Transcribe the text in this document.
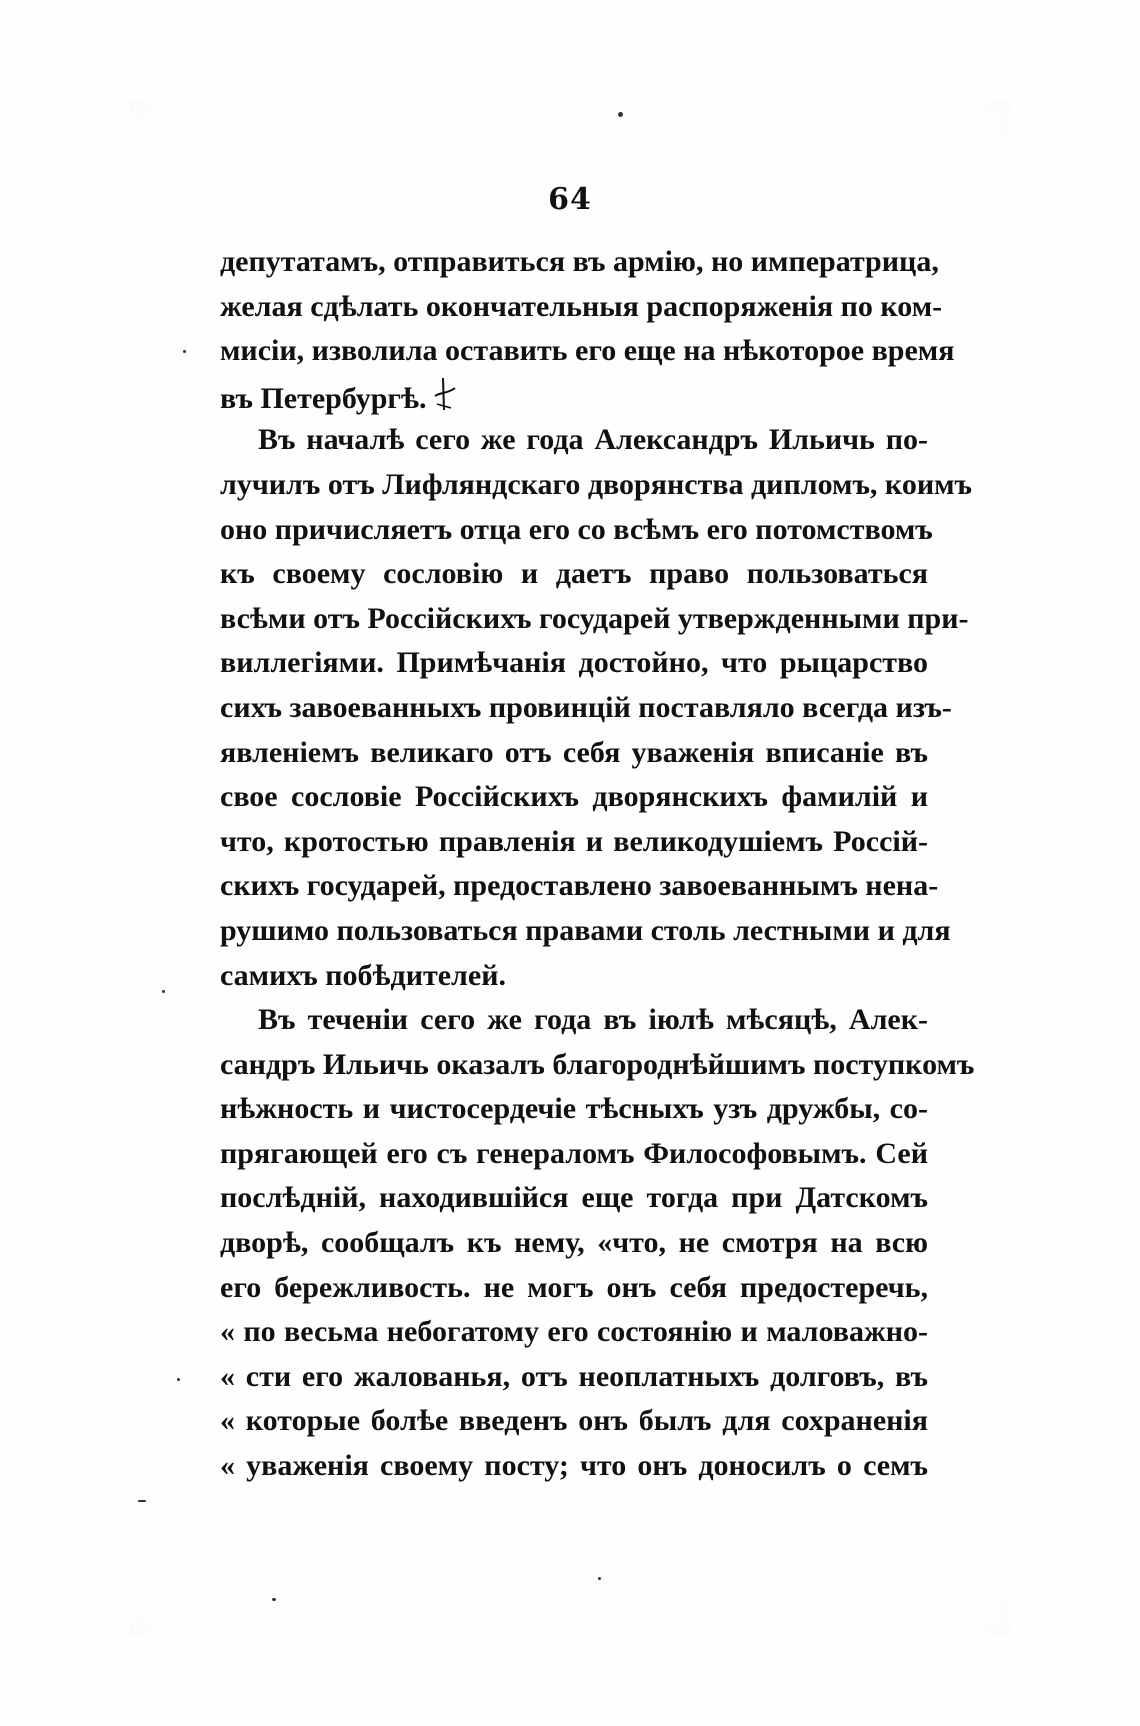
64
депутатамъ, отправиться въ армію, но императрица,
желая сдѣлать окончательныя распоряженія по ком-
мисіи, изволила оставить его еще на нѣкоторое время
въ Петербургѣ.
Въ началѣ сего же года Александръ Ильичь по-
лучилъ отъ Лифляндскаго дворянства дипломъ, коимъ
оно причисляетъ отца его со всѣмъ его потомствомъ
къ своему сословію и даетъ право пользоваться
всѣми отъ Россійскихъ государей утвержденными при-
виллегіями. Примѣчанія достойно, что рыцарство
сихъ завоеванныхъ провинцій поставляло всегда изъ-
явленіемъ великаго отъ себя уваженія вписаніе въ
свое сословіе Россійскихъ дворянскихъ фамилій и
что, кротостью правленія и великодушіемъ Россій-
скихъ государей, предоставлено завоеваннымъ нена-
рушимо пользоваться правами столь лестными и для
самихъ побѣдителей.
Въ теченіи сего же года въ іюлѣ мѣсяцѣ, Алек-
сандръ Ильичь оказалъ благороднѣйшимъ поступкомъ
нѣжность и чистосердечіе тѣсныхъ узъ дружбы, со-
прягающей его съ генераломъ Философовымъ. Сей
послѣдній, находившійся еще тогда при Датскомъ
дворѣ, сообщалъ къ нему, «что, не смотря на всю
его бережливость. не могъ онъ себя предостеречь,
« по весьма небогатому его состоянію и маловажно-
« сти его жалованья, отъ неоплатныхъ долговъ, въ
« которые болѣе введенъ онъ былъ для сохраненія
« уваженія своему посту; что онъ доносилъ о семъ
